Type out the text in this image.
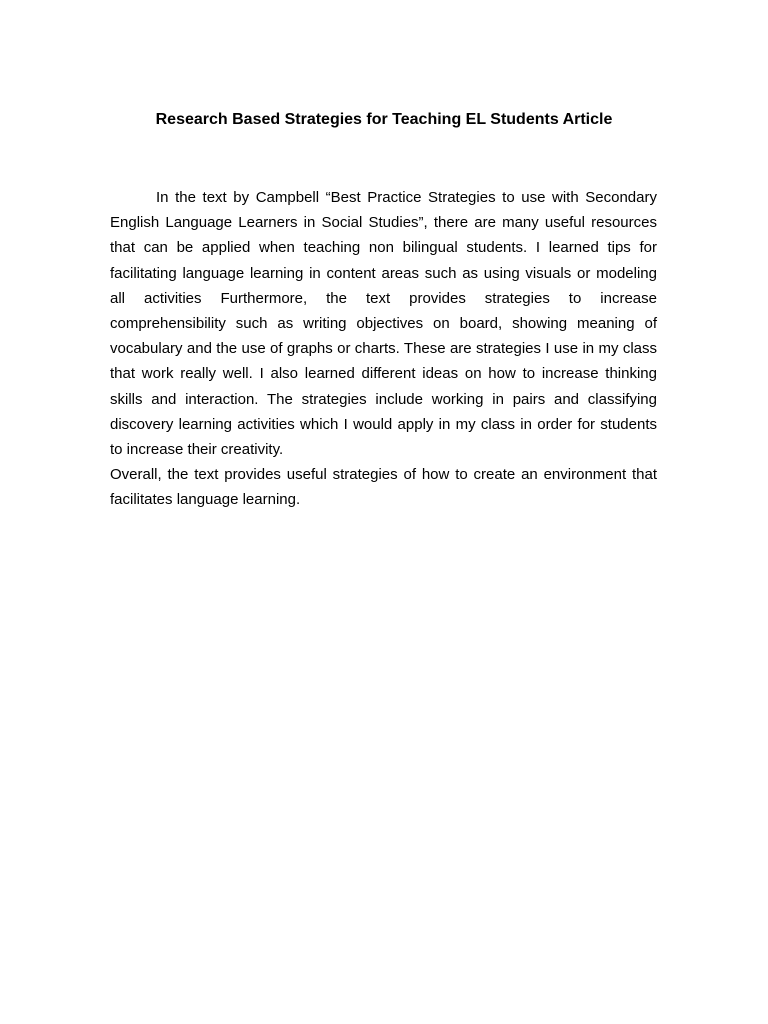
Research Based Strategies for Teaching EL Students Article

In the text by Campbell “Best Practice Strategies to use with Secondary English Language Learners in Social Studies”, there are many useful resources that can be applied when teaching non bilingual students. I learned tips for facilitating language learning in content areas such as using visuals or modeling all activities Furthermore, the text provides strategies to increase comprehensibility such as writing objectives on board, showing meaning of vocabulary and the use of graphs or charts. These are strategies I use in my class that work really well. I also learned different ideas on how to increase thinking skills and interaction. The strategies include working in pairs and classifying discovery learning activities which I would apply in my class in order for students to increase their creativity.

Overall, the text provides useful strategies of how to create an environment that facilitates language learning.
